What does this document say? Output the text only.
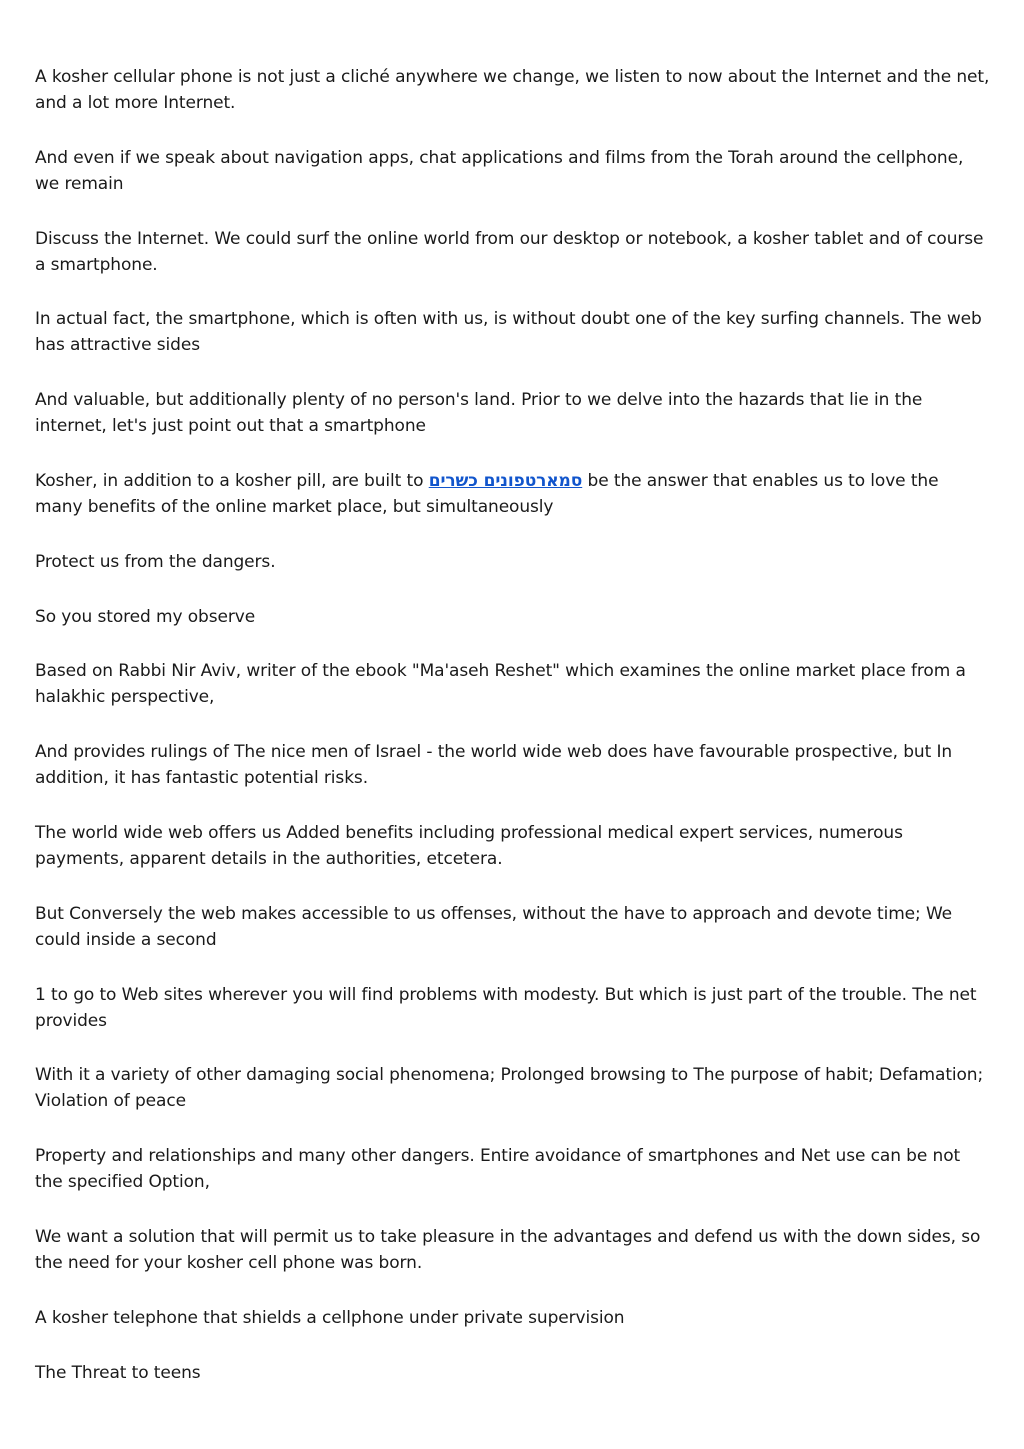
A kosher cellular phone is not just a cliché anywhere we change, we listen to now about the Internet and the net, and a lot more Internet.

And even if we speak about navigation apps, chat applications and films from the Torah around the cellphone, we remain

Discuss the Internet. We could surf the online world from our desktop or notebook, a kosher tablet and of course a smartphone.

In actual fact, the smartphone, which is often with us, is without doubt one of the key surfing channels. The web has attractive sides

And valuable, but additionally plenty of no person's land. Prior to we delve into the hazards that lie in the internet, let's just point out that a smartphone

Kosher, in addition to a kosher pill, are built to סמארטפונים כשרים be the answer that enables us to love the many benefits of the online market place, but simultaneously

Protect us from the dangers.

So you stored my observe

Based on Rabbi Nir Aviv, writer of the ebook "Ma'aseh Reshet" which examines the online market place from a halakhic perspective,

And provides rulings of The nice men of Israel - the world wide web does have favourable prospective, but In addition, it has fantastic potential risks.

The world wide web offers us Added benefits including professional medical expert services, numerous payments, apparent details in the authorities, etcetera.

But Conversely the web makes accessible to us offenses, without the have to approach and devote time; We could inside a second

1 to go to Web sites wherever you will find problems with modesty. But which is just part of the trouble. The net provides

With it a variety of other damaging social phenomena; Prolonged browsing to The purpose of habit; Defamation; Violation of peace

Property and relationships and many other dangers. Entire avoidance of smartphones and Net use can be not the specified Option,

We want a solution that will permit us to take pleasure in the advantages and defend us with the down sides, so the need for your kosher cell phone was born.

A kosher telephone that shields a cellphone under private supervision

The Threat to teens
